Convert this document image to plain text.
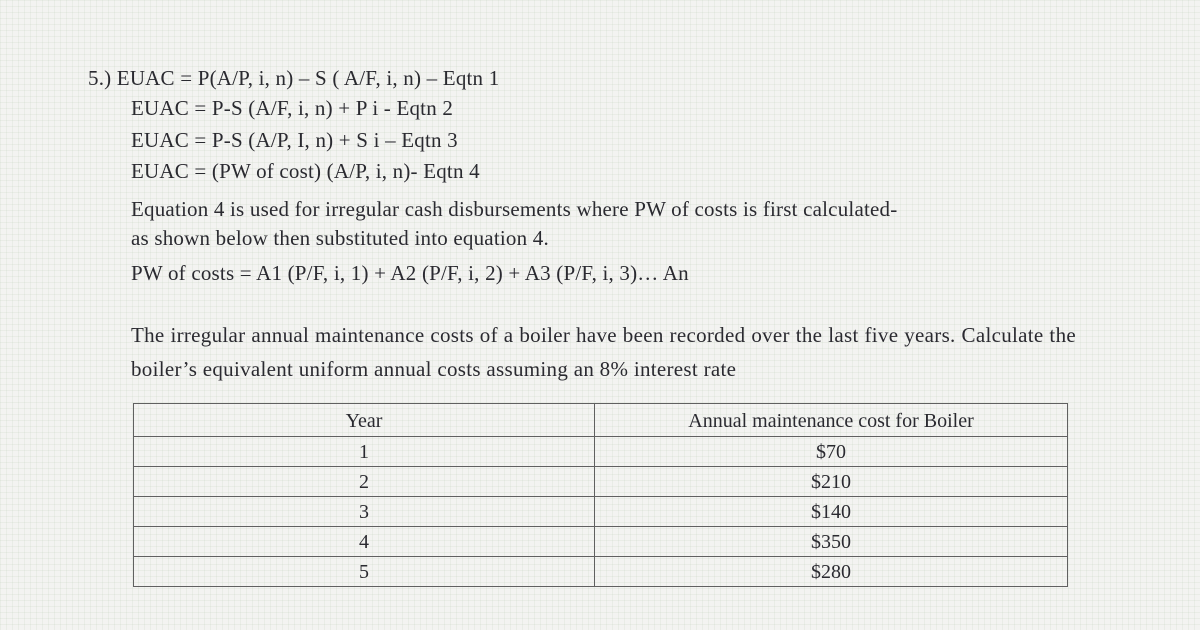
5.) EUAC = P(A/P, i, n) – S ( A/F, i, n) – Eqtn 1
EUAC = P-S (A/F, i, n) + P i - Eqtn 2
EUAC = P-S (A/P, I, n) + S i – Eqtn 3
EUAC = (PW of cost) (A/P, i, n)- Eqtn 4
Equation 4 is used for irregular cash disbursements where PW of costs is first calculated-
as shown below then substituted into equation 4.
PW of costs = A1 (P/F, i, 1) + A2 (P/F, i, 2) + A3 (P/F, i, 3)… An
The irregular annual maintenance costs of a boiler have been recorded over the last five years. Calculate the boiler’s equivalent uniform annual costs assuming an 8% interest rate
Year	Annual maintenance cost for Boiler
1	$70
2	$210
3	$140
4	$350
5	$280
